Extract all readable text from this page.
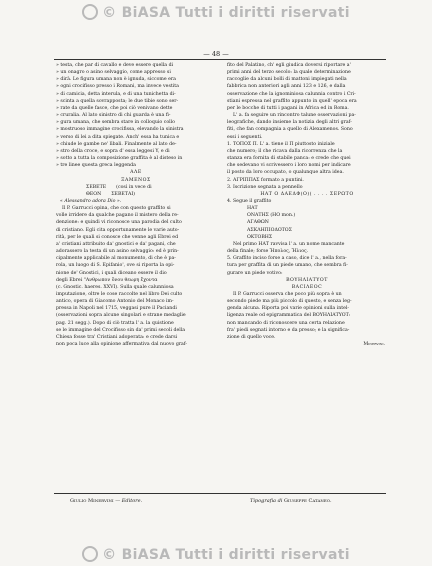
© BiASA Tutti i diritti riservati
— 48 —

» testa, che par di cavallo e deve essere quella di

» un onagro o asino selvaggio, come appresso si

» dirà. Le figura umana non è ignuda, siccome era

» ogni crocifisso presso i Romani, ma invece vestita

» di camicia, detta interula, e di una tunichetta di-

» scinta a quella sovrapposta; le due tibie sono ser-

» rate da quelle fasce, che poi ciò venivano dette

» cruralia. Al lato sinistro di chi guarda è una fi-

» gura umana, che sembra stare in colloquio collo

» mostruoso immagine crocifissa, elevando la sinistra

» verso di lei a dita spiegate. Anch' essa ha tunica e

» chiude le gambe ne' lìbali. Finalmente al lato de-

» stro della croce, e sopra d' essa leggesi Y, e di

» sotto a tutta la composizione graffita è al disteso in

» tre linee questa greca leggenda

ΑΛΕ

ΞΑΜΕΝΟΣ

ΣΕΒΕΤΕ (così in vece di
ΘΕΟΝ ΣΕΒΕΤΑΙ)

« Alessandro adora Dio ».

Il P. Garrucci opina, che con questo graffito si

volle irridere da qualche pagano il mistero della re-

denzione: e quindi vi riconosce una parodia del culto

di cristiano. Egli cita opportunamente le varie auto-

rità, per le quali si conosce che venne agli Ebrei ed

a' cristiani attribuito da' gnostici e da' pagani, che

adorassero la testa di un asino selvaggio: ed è prin-

cipalmente applicabile al monumento, di che è pa-

rola, un luogo di S. Epifanio', ove si riporta la opi-

nione de' Gnostici, i quali diceano essere il dio

degli Ebrei "Ανθρωπον ὄνου θεωρη ἔχοντα

(c. Gnostic. haeres. XXVI). Sulla quale calunniosa

imputazione, oltre le cose raccolte nel libro Dei culto

antico, opera di Giacomo Antonio del Monaco im-

pressa in Napoli nel 1715, veggasi pure il Paciandi

(osservazioni sopra alcune singolari e strane medaglie

pag. 21 segg.). Dopo di ciò tratta l' a. la quistione

se le immagine del Crocifisso sin da' primi secoli della

Chiesa fosse tra' Cristiani adoperata: e crede darsi

non poca luce alla opinione affermativa dal nuovo graf-

fito del Palatino, ch' egli giudica doversi riportare a'

primi anni del terzo secolo: la quale determinazione

raccoglie da alcuni bolli di mattoni impiegati nella

fabbrica non anteriori agli anni 123 e 126, e dalla

osservazione che la ignominiosa calunnia contro i Cri-

stiani espressa nel graffito appunto in quell' epoca era

per le bocche di tutti i pagani in Africa ed in Roma.

L' a. fa seguire un rincontro talune osservazioni pa-

leografiche, dando insieme la notizia degli altri graf-

fiti, che fan compagnia a quello di Alexamenos. Sono

essi i seguenti.

1. ΤΟΠΟΣ Π. L' a. tiene il Π piuttosto iniziale

che numero; il che ricava dalla ricorrenza che la

stanza era fornita di stabile panca: e crede che quei

che sedevano vi scrivessero i loro nomi per indicare

il posto da loro occupato, o qualunque altra idea.

2. ΑΓΡΙΠΠΑΣ formato a puntini.

3. Iscrizione segnata a pennello

ΗΑΤ Ο ΔΑΕΔΦ(Ο)( . . . . ΣΕΡΩΤΟ

4. Segue il graffito

ΗΑΤ

ΟΝΑΤΗΣ (ΗΟ mon.)

ΑΓΑΘΩΝ

ΑΣΚΛΗΠΙΟΔΟΤΟΣ

ΟΚΤΟΒΗΣ

Nel primo ΗΑΤ ravvisa l' a. un nome mancante

della finale; forse Ἡπολος, Ἡλιος.

5. Graffito inciso forse a caso, dice l' a., nella fora-

tura per graffita di un piede umano, che sembra fi-

gurare un piede votivo:

ΒΟΥΗΛΙΑΤΥΟΤ

ΒΑCIΛΕΟC

Il P. Garrucci osserva che poco più sopra è un

secondo piede ma più piccolo di questo, e senza leg-

genda alcuna. Riporta poi varie opinioni sulla intel-

ligenza reale od epigrammatica del ΒΟΥΗΛΙΑΤΥΟΤ:

non mancando di riconoscere una certa relazione

fra' piedi segnati intorno e da presso; e la significa-

zione di quello voce.

Minervini.

Giulio Minervini — Editore.	Tipografia di Giuseppe Cataneo.
© BiASA Tutti i diritti riservati
